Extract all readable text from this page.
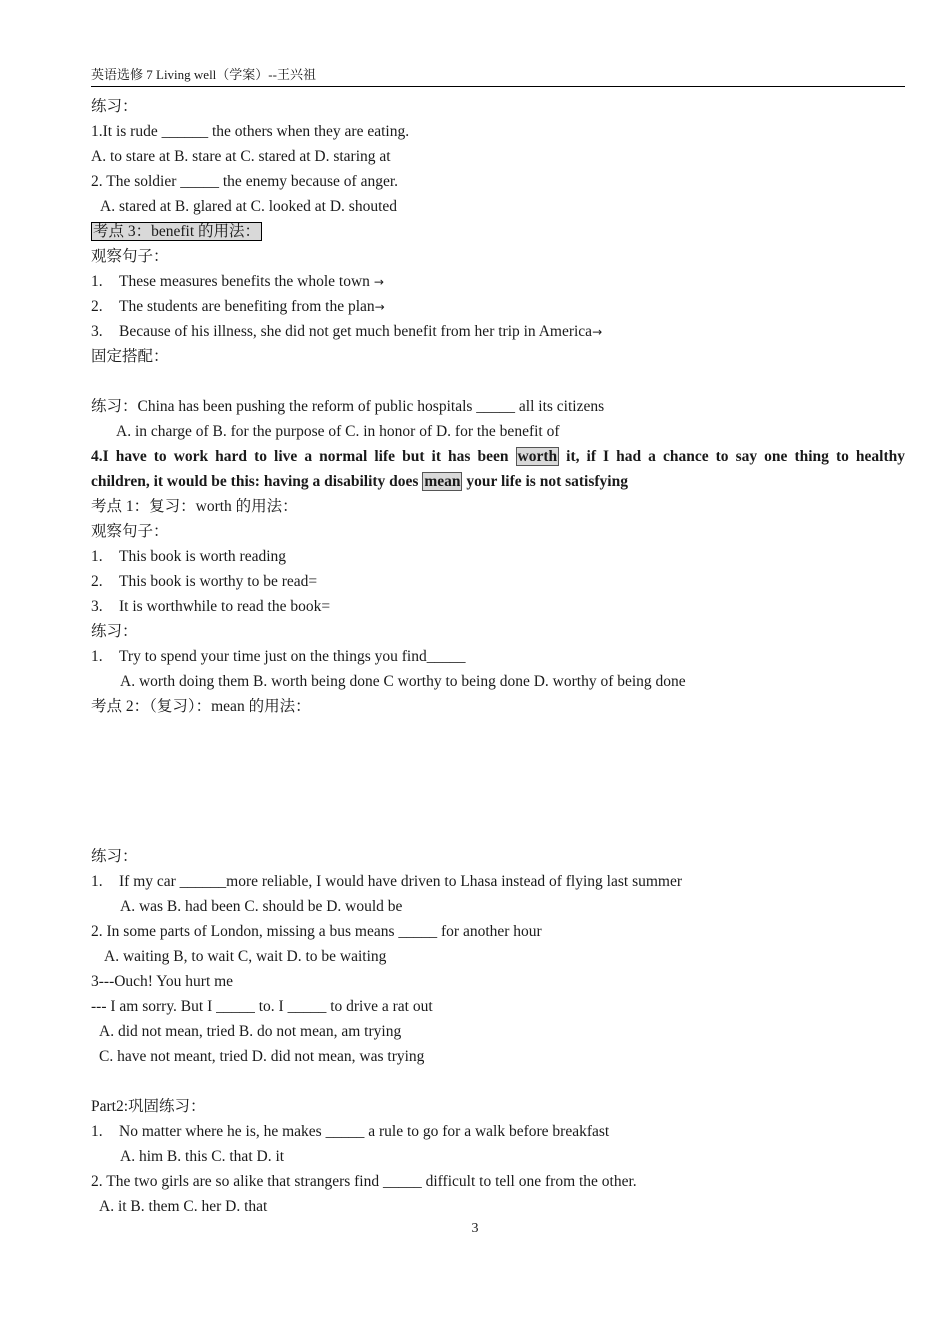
英语选修 7 Living well（学案）--王兴祖
练习：
1.It is rude ______ the others when they are eating.
A. to stare at B. stare at C. stared at D. staring at
2. The soldier _____ the enemy because of anger.
A. stared at B. glared at C. looked at D. shouted
考点 3：benefit 的用法：
观察句子：
1. These measures benefits the whole town →
2. The students are benefiting from the plan→
3. Because of his illness, she did not get much benefit from her trip in America→
固定搭配：
练习：China has been pushing the reform of public hospitals _____ all its citizens
A. in charge of B. for the purpose of C. in honor of D. for the benefit of
4.I have to work hard to live a normal life but it has been worth it, if I had a chance to say one thing to healthy
children, it would be this: having a disability does mean your life is not satisfying
考点 1：复习：worth 的用法：
观察句子：
1. This book is worth reading
2. This book is worthy to be read=
3. It is worthwhile to read the book=
练习：
1. Try to spend your time just on the things you find_____
A. worth doing them B. worth being done C worthy to being done D. worthy of being done
考点 2：（复习）：mean 的用法：
练习：
1. If my car ______more reliable, I would have driven to Lhasa instead of flying last summer
A. was B. had been C. should be D. would be
2. In some parts of London, missing a bus means _____ for another hour
A. waiting B, to wait C, wait D. to be waiting
3---Ouch! You hurt me
--- I am sorry. But I _____ to. I _____ to drive a rat out
A. did not mean, tried B. do not mean, am trying
C. have not meant, tried D. did not mean, was trying
Part2:巩固练习：
1. No matter where he is, he makes _____ a rule to go for a walk before breakfast
A. him B. this C. that D. it
2. The two girls are so alike that strangers find _____ difficult to tell one from the other.
A. it B. them C. her D. that
3
